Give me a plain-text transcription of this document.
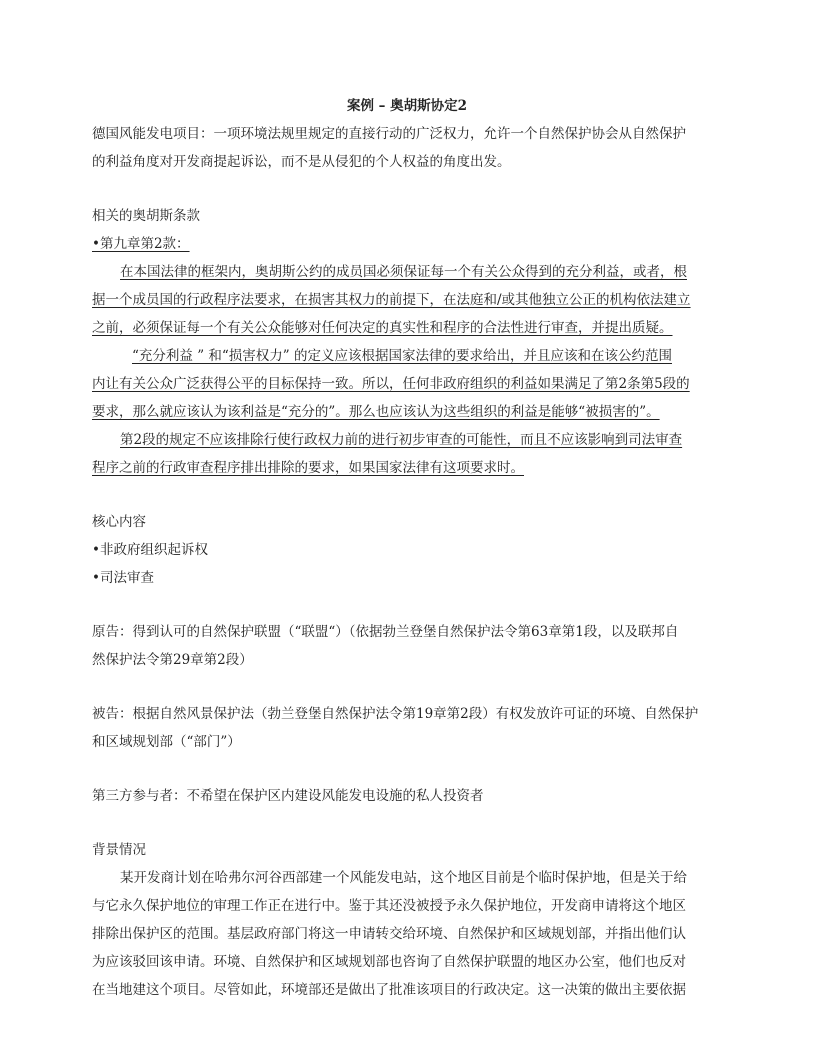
案例 – 奥胡斯协定2
德国风能发电项目：一项环境法规里规定的直接行动的广泛权力，允许一个自然保护协会从自然保护
的利益角度对开发商提起诉讼，而不是从侵犯的个人权益的角度出发。
相关的奥胡斯条款
•第九章第2款：
在本国法律的框架内，奥胡斯公约的成员国必须保证每一个有关公众得到的充分利益，或者，根
据一个成员国的行政程序法要求，在损害其权力的前提下，在法庭和/或其他独立公正的机构依法建立
之前，必须保证每一个有关公众能够对任何决定的真实性和程序的合法性进行审查，并提出质疑。
“充分利益 ” 和“损害权力” 的定义应该根据国家法律的要求给出，并且应该和在该公约范围
内让有关公众广泛获得公平的目标保持一致。所以，任何非政府组织的利益如果满足了第2条第5段的
要求，那么就应该认为该利益是“充分的”。那么也应该认为这些组织的利益是能够“被损害的”。
第2段的规定不应该排除行使行政权力前的进行初步审查的可能性，而且不应该影响到司法审查
程序之前的行政审查程序排出排除的要求，如果国家法律有这项要求时。
核心内容
•非政府组织起诉权
•司法审查
原告：得到认可的自然保护联盟（“联盟“）（依据勃兰登堡自然保护法令第63章第1段，以及联邦自
然保护法令第29章第2段）
被告：根据自然风景保护法（勃兰登堡自然保护法令第19章第2段）有权发放许可证的环境、自然保护
和区域规划部（“部门”）
第三方参与者：不希望在保护区内建设风能发电设施的私人投资者
背景情况
某开发商计划在哈弗尔河谷西部建一个风能发电站，这个地区目前是个临时保护地，但是关于给
与它永久保护地位的审理工作正在进行中。鉴于其还没被授予永久保护地位，开发商申请将这个地区
排除出保护区的范围。基层政府部门将这一申请转交给环境、自然保护和区域规划部，并指出他们认
为应该驳回该申请。环境、自然保护和区域规划部也咨询了自然保护联盟的地区办公室，他们也反对
在当地建这个项目。尽管如此，环境部还是做出了批准该项目的行政决定。这一决策的做出主要依据
